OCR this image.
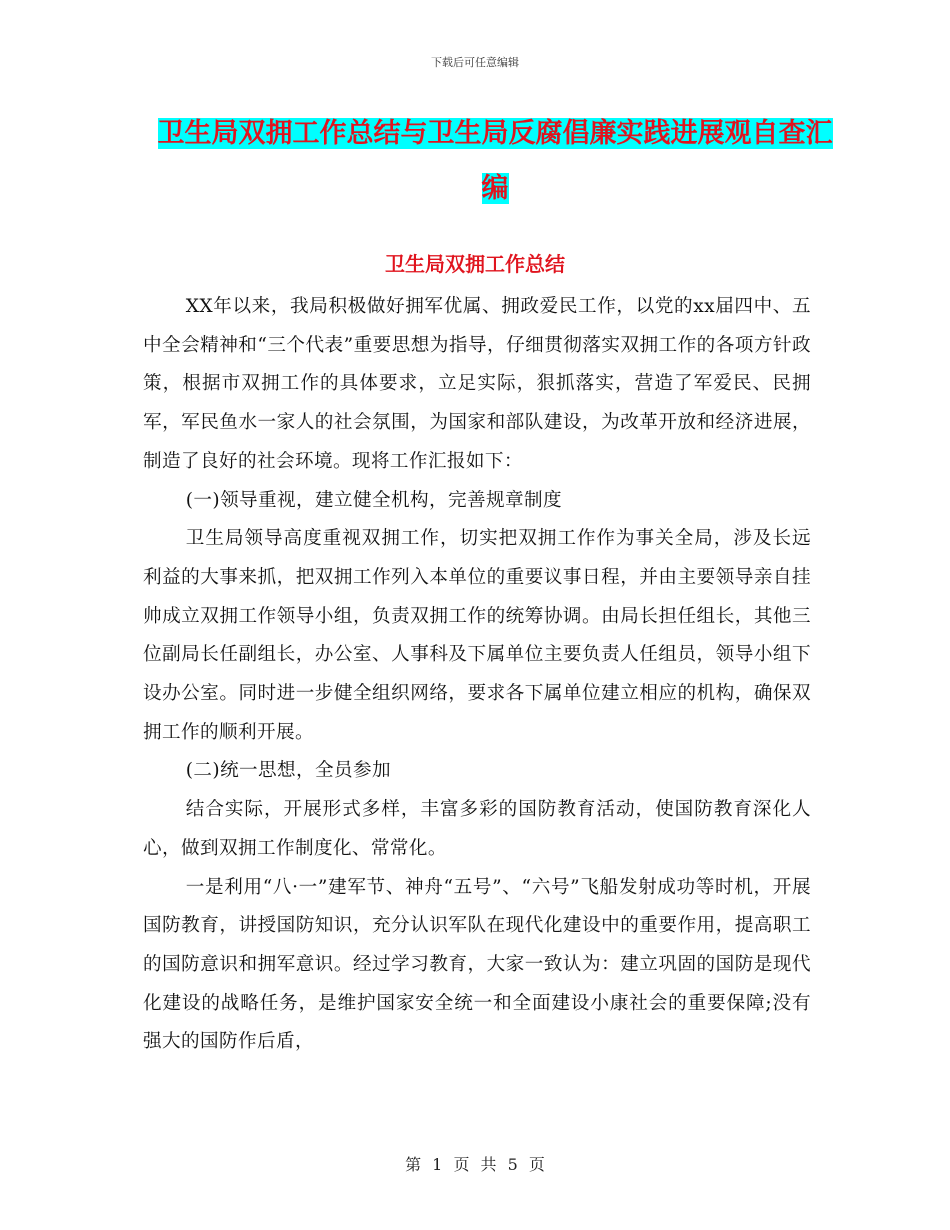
下载后可任意编辑
卫生局双拥工作总结与卫生局反腐倡廉实践进展观自查汇编
卫生局双拥工作总结

XX年以来，我局积极做好拥军优属、拥政爱民工作，以党的xx届四中、五中全会精神和“三个代表”重要思想为指导，仔细贯彻落实双拥工作的各项方针政策，根据市双拥工作的具体要求，立足实际，狠抓落实，营造了军爱民、民拥军，军民鱼水一家人的社会氛围，为国家和部队建设，为改革开放和经济进展，制造了良好的社会环境。现将工作汇报如下：

(一)领导重视，建立健全机构，完善规章制度

卫生局领导高度重视双拥工作，切实把双拥工作作为事关全局，涉及长远利益的大事来抓，把双拥工作列入本单位的重要议事日程，并由主要领导亲自挂帅成立双拥工作领导小组，负责双拥工作的统筹协调。由局长担任组长，其他三位副局长任副组长，办公室、人事科及下属单位主要负责人任组员，领导小组下设办公室。同时进一步健全组织网络，要求各下属单位建立相应的机构，确保双拥工作的顺利开展。

(二)统一思想，全员参加

结合实际，开展形式多样，丰富多彩的国防教育活动，使国防教育深化人心，做到双拥工作制度化、常常化。

一是利用“八·一”建军节、神舟“五号”、“六号”飞船发射成功等时机，开展国防教育，讲授国防知识，充分认识军队在现代化建设中的重要作用，提高职工的国防意识和拥军意识。经过学习教育，大家一致认为：建立巩固的国防是现代化建设的战略任务，是维护国家安全统一和全面建设小康社会的重要保障;没有强大的国防作后盾，

第 1 页 共 5 页
